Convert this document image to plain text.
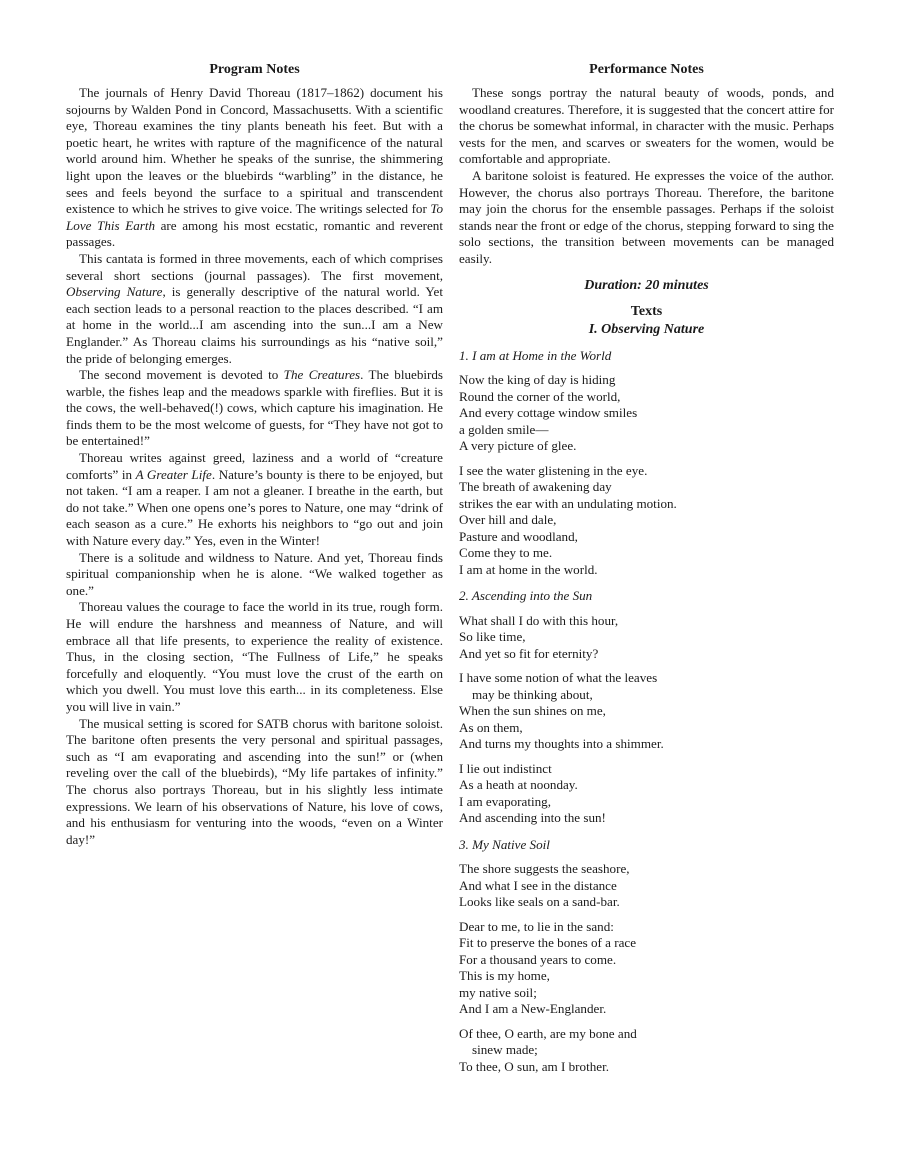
Program Notes

The journals of Henry David Thoreau (1817–1862) document his sojourns by Walden Pond in Concord, Massachusetts. With a scientific eye, Thoreau examines the tiny plants beneath his feet. But with a poetic heart, he writes with rapture of the magnificence of the natural world around him. Whether he speaks of the sunrise, the shimmering light upon the leaves or the bluebirds “warbling” in the distance, he sees and feels beyond the surface to a spiritual and transcendent existence to which he strives to give voice. The writings selected for To Love This Earth are among his most ecstatic, romantic and reverent passages.

This cantata is formed in three movements, each of which comprises several short sections (journal passages). The first movement, Observing Nature, is generally descriptive of the natural world. Yet each section leads to a personal reaction to the places described. “I am at home in the world...I am ascending into the sun...I am a New Englander.” As Thoreau claims his surroundings as his “native soil,” the pride of belonging emerges.

The second movement is devoted to The Creatures. The bluebirds warble, the fishes leap and the meadows sparkle with fireflies. But it is the cows, the well-behaved(!) cows, which capture his imagination. He finds them to be the most welcome of guests, for “They have not got to be entertained!”

Thoreau writes against greed, laziness and a world of “creature comforts” in A Greater Life. Nature’s bounty is there to be enjoyed, but not taken. “I am a reaper. I am not a gleaner. I breathe in the earth, but do not take.” When one opens one’s pores to Nature, one may “drink of each season as a cure.” He exhorts his neighbors to “go out and join with Nature every day.” Yes, even in the Winter!

There is a solitude and wildness to Nature. And yet, Thoreau finds spiritual companionship when he is alone. “We walked together as one.”

Thoreau values the courage to face the world in its true, rough form. He will endure the harshness and meanness of Nature, and will embrace all that life presents, to experience the reality of existence. Thus, in the closing section, “The Fullness of Life,” he speaks forcefully and eloquently. “You must love the crust of the earth on which you dwell. You must love this earth... in its completeness. Else you will live in vain.”

The musical setting is scored for SATB chorus with baritone soloist. The baritone often presents the very personal and spiritual passages, such as “I am evaporating and ascending into the sun!” or (when reveling over the call of the bluebirds), “My life partakes of infinity.” The chorus also portrays Thoreau, but in his slightly less intimate expressions. We learn of his observations of Nature, his love of cows, and his enthusiasm for venturing into the woods, “even on a Winter day!”

Performance Notes

These songs portray the natural beauty of woods, ponds, and woodland creatures. Therefore, it is suggested that the concert attire for the chorus be somewhat informal, in character with the music. Perhaps vests for the men, and scarves or sweaters for the women, would be comfortable and appropriate.

A baritone soloist is featured. He expresses the voice of the author. However, the chorus also portrays Thoreau. Therefore, the baritone may join the chorus for the ensemble passages. Perhaps if the soloist stands near the front or edge of the chorus, stepping forward to sing the solo sections, the transition between movements can be managed easily.

Duration: 20 minutes
Texts
I. Observing Nature
1. I am at Home in the World
Now the king of day is hiding
Round the corner of the world,
And every cottage window smiles
a golden smile—
A very picture of glee.
I see the water glistening in the eye.
The breath of awakening day
strikes the ear with an undulating motion.
Over hill and dale,
Pasture and woodland,
Come they to me.
I am at home in the world.
2. Ascending into the Sun
What shall I do with this hour,
So like time,
And yet so fit for eternity?
I have some notion of what the leaves
may be thinking about,
When the sun shines on me,
As on them,
And turns my thoughts into a shimmer.
I lie out indistinct
As a heath at noonday.
I am evaporating,
And ascending into the sun!
3. My Native Soil
The shore suggests the seashore,
And what I see in the distance
Looks like seals on a sand-bar.
Dear to me, to lie in the sand:
Fit to preserve the bones of a race
For a thousand years to come.
This is my home,
my native soil;
And I am a New-Englander.
Of thee, O earth, are my bone and
sinew made;
To thee, O sun, am I brother.
